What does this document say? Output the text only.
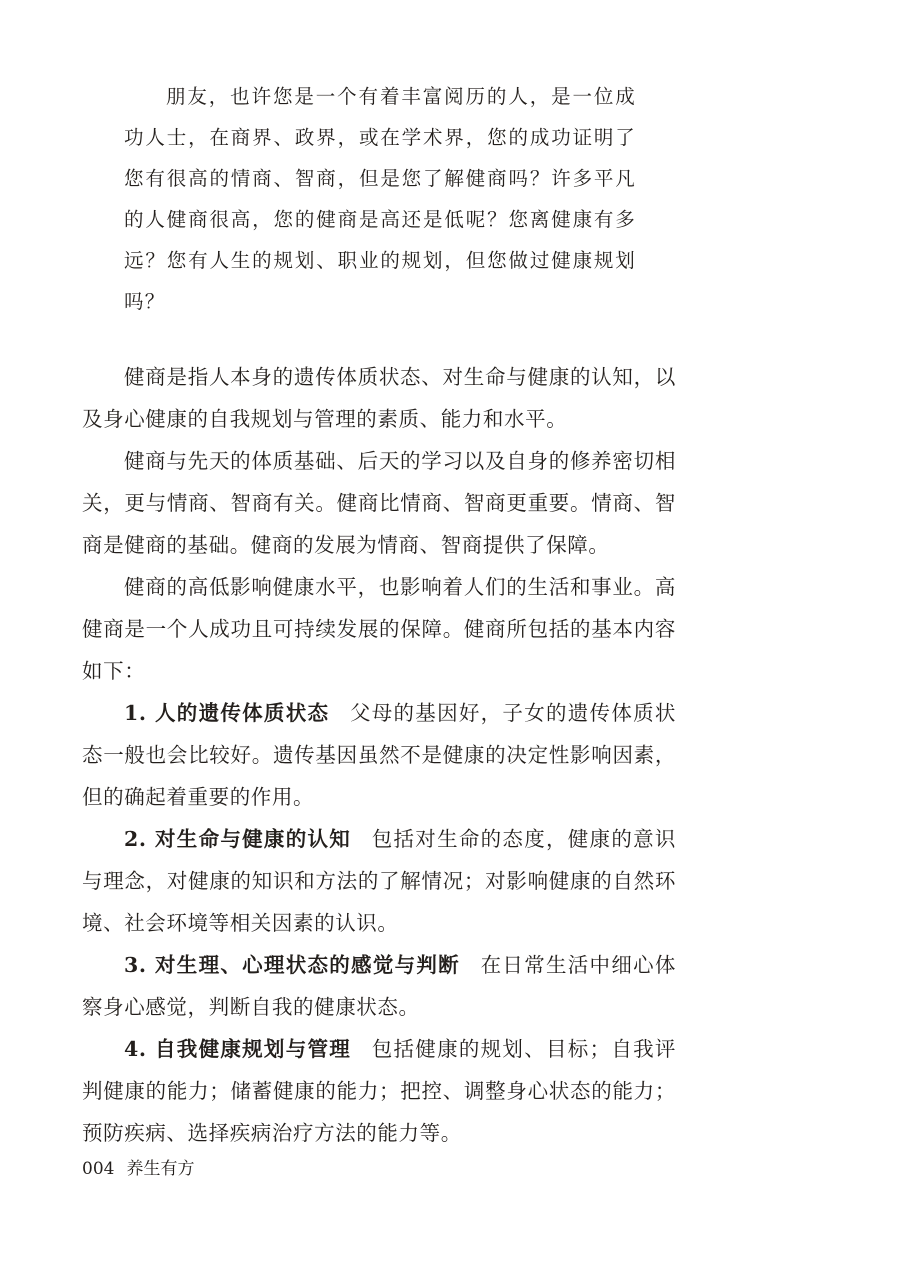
朋友，也许您是一个有着丰富阅历的人，是一位成功人士，在商界、政界，或在学术界，您的成功证明了您有很高的情商、智商，但是您了解健商吗？许多平凡的人健商很高，您的健商是高还是低呢？您离健康有多远？您有人生的规划、职业的规划，但您做过健康规划吗？

健商是指人本身的遗传体质状态、对生命与健康的认知，以及身心健康的自我规划与管理的素质、能力和水平。

健商与先天的体质基础、后天的学习以及自身的修养密切相关，更与情商、智商有关。健商比情商、智商更重要。情商、智商是健商的基础。健商的发展为情商、智商提供了保障。

健商的高低影响健康水平，也影响着人们的生活和事业。高健商是一个人成功且可持续发展的保障。健商所包括的基本内容如下：

1. 人的遗传体质状态 父母的基因好，子女的遗传体质状态一般也会比较好。遗传基因虽然不是健康的决定性影响因素，但的确起着重要的作用。

2. 对生命与健康的认知 包括对生命的态度，健康的意识与理念，对健康的知识和方法的了解情况；对影响健康的自然环境、社会环境等相关因素的认识。

3. 对生理、心理状态的感觉与判断 在日常生活中细心体察身心感觉，判断自我的健康状态。

4. 自我健康规划与管理 包括健康的规划、目标；自我评判健康的能力；储蓄健康的能力；把控、调整身心状态的能力；预防疾病、选择疾病治疗方法的能力等。

004 养生有方
